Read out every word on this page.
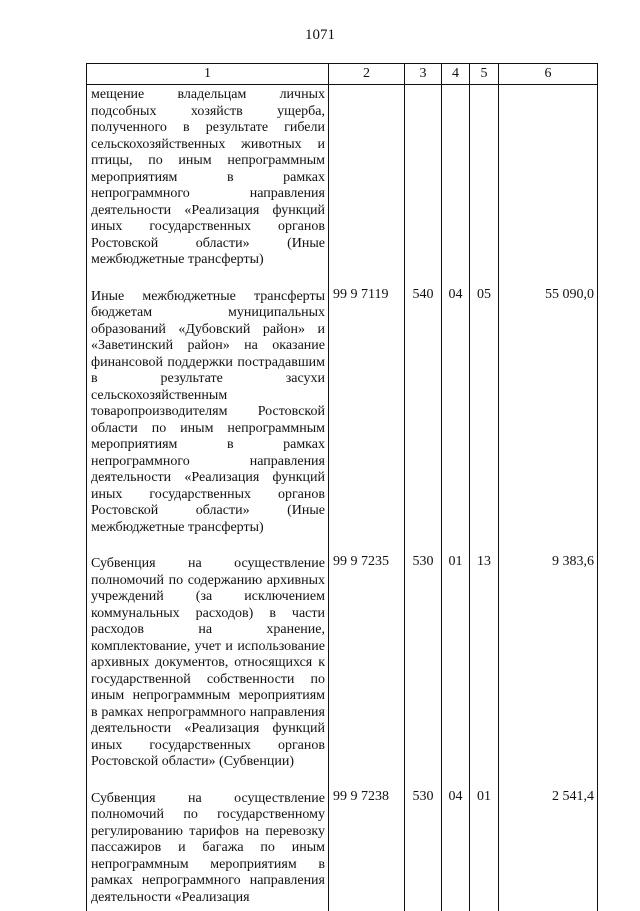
1071
1	2	3	4	5	6
мещение владельцам личных подсобных хозяйств ущерба, полученного в результате гибели сельскохозяйственных животных и птицы, по иным непрограммным мероприятиям в рамках непрограммного направления деятельности «Реализация функций иных государственных органов Ростовской области» (Иные межбюджетные трансферты)					

Иные межбюджетные трансферты бюджетам муниципальных образований «Дубовский район» и «Заветинский район» на оказание финансовой поддержки пострадавшим в результате засухи сельскохозяйственным товаропроизводителям Ростовской области по иным непрограммным мероприятиям в рамках непрограммного направления деятельности «Реализация функций иных государственных органов Ростовской области» (Иные межбюджетные трансферты)	99 9 7119	540	04	05	55 090,0

Субвенция на осуществление полномочий по содержанию архивных учреждений (за исключением коммунальных расходов) в части расходов на хранение, комплектование, учет и использование архивных документов, относящихся к государственной собственности по иным непрограммным мероприятиям в рамках непрограммного направления деятельности «Реализация функций иных государственных органов Ростовской области» (Субвенции)	99 9 7235	530	01	13	9 383,6

Субвенция на осуществление полномочий по государственному регулированию тарифов на перевозку пассажиров и багажа по иным непрограммным мероприятиям в рамках непрограммного направления деятельности «Реализация	99 9 7238	530	04	01	2 541,4
